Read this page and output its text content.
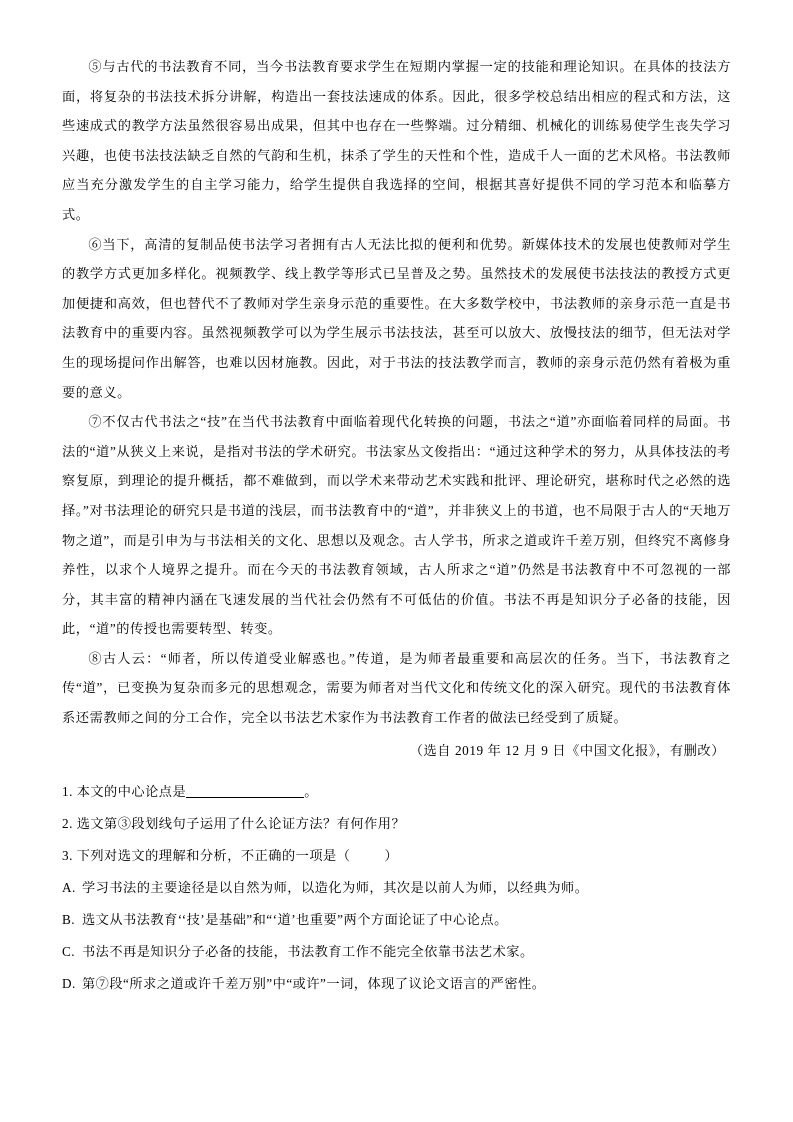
⑤与古代的书法教育不同，当今书法教育要求学生在短期内掌握一定的技能和理论知识。在具体的技法方面，将复杂的书法技术拆分讲解，构造出一套技法速成的体系。因此，很多学校总结出相应的程式和方法，这些速成式的教学方法虽然很容易出成果，但其中也存在一些弊端。过分精细、机械化的训练易使学生丧失学习兴趣，也使书法技法缺乏自然的气韵和生机，抹杀了学生的天性和个性，造成千人一面的艺术风格。书法教师应当充分激发学生的自主学习能力，给学生提供自我选择的空间，根据其喜好提供不同的学习范本和临摹方式。

⑥当下，高清的复制品使书法学习者拥有古人无法比拟的便利和优势。新媒体技术的发展也使教师对学生的教学方式更加多样化。视频教学、线上教学等形式已呈普及之势。虽然技术的发展使书法技法的教授方式更加便捷和高效，但也替代不了教师对学生亲身示范的重要性。在大多数学校中，书法教师的亲身示范一直是书法教育中的重要内容。虽然视频教学可以为学生展示书法技法，甚至可以放大、放慢技法的细节，但无法对学生的现场提问作出解答，也难以因材施教。因此，对于书法的技法教学而言，教师的亲身示范仍然有着极为重要的意义。

⑦不仅古代书法之“技”在当代书法教育中面临着现代化转换的问题，书法之“道”亦面临着同样的局面。书法的“道”从狭义上来说，是指对书法的学术研究。书法家丛文俊指出：“通过这种学术的努力，从具体技法的考察复原，到理论的提升概括，都不难做到，而以学术来带动艺术实践和批评、理论研究，堪称时代之必然的选择。”对书法理论的研究只是书道的浅层，而书法教育中的“道”，并非狭义上的书道，也不局限于古人的“天地万物之道”，而是引申为与书法相关的文化、思想以及观念。古人学书，所求之道或许千差万别，但终究不离修身养性，以求个人境界之提升。而在今天的书法教育领域，古人所求之“道”仍然是书法教育中不可忽视的一部分，其丰富的精神内涵在飞速发展的当代社会仍然有不可低估的价值。书法不再是知识分子必备的技能，因此，“道”的传授也需要转型、转变。

⑧古人云：“师者，所以传道受业解惑也。”传道，是为师者最重要和高层次的任务。当下，书法教育之传“道”，已变换为复杂而多元的思想观念，需要为师者对当代文化和传统文化的深入研究。现代的书法教育体系还需教师之间的分工合作，完全以书法艺术家作为书法教育工作者的做法已经受到了质疑。

（选自 2019 年 12 月 9 日《中国文化报》，有删改）
1. 本文的中心论点是	。
2. 选文第③段划线句子运用了什么论证方法？有何作用？
3. 下列对选文的理解和分析，不正确的一项是（	）
A. 学习书法的主要途径是以自然为师，以造化为师，其次是以前人为师，以经典为师。
B. 选文从书法教育‘‘技’是基础”和“‘道’也重要”两个方面论证了中心论点。
C. 书法不再是知识分子必备的技能，书法教育工作不能完全依靠书法艺术家。
D. 第⑦段“所求之道或许千差万别”中“或许”一词，体现了议论文语言的严密性。
